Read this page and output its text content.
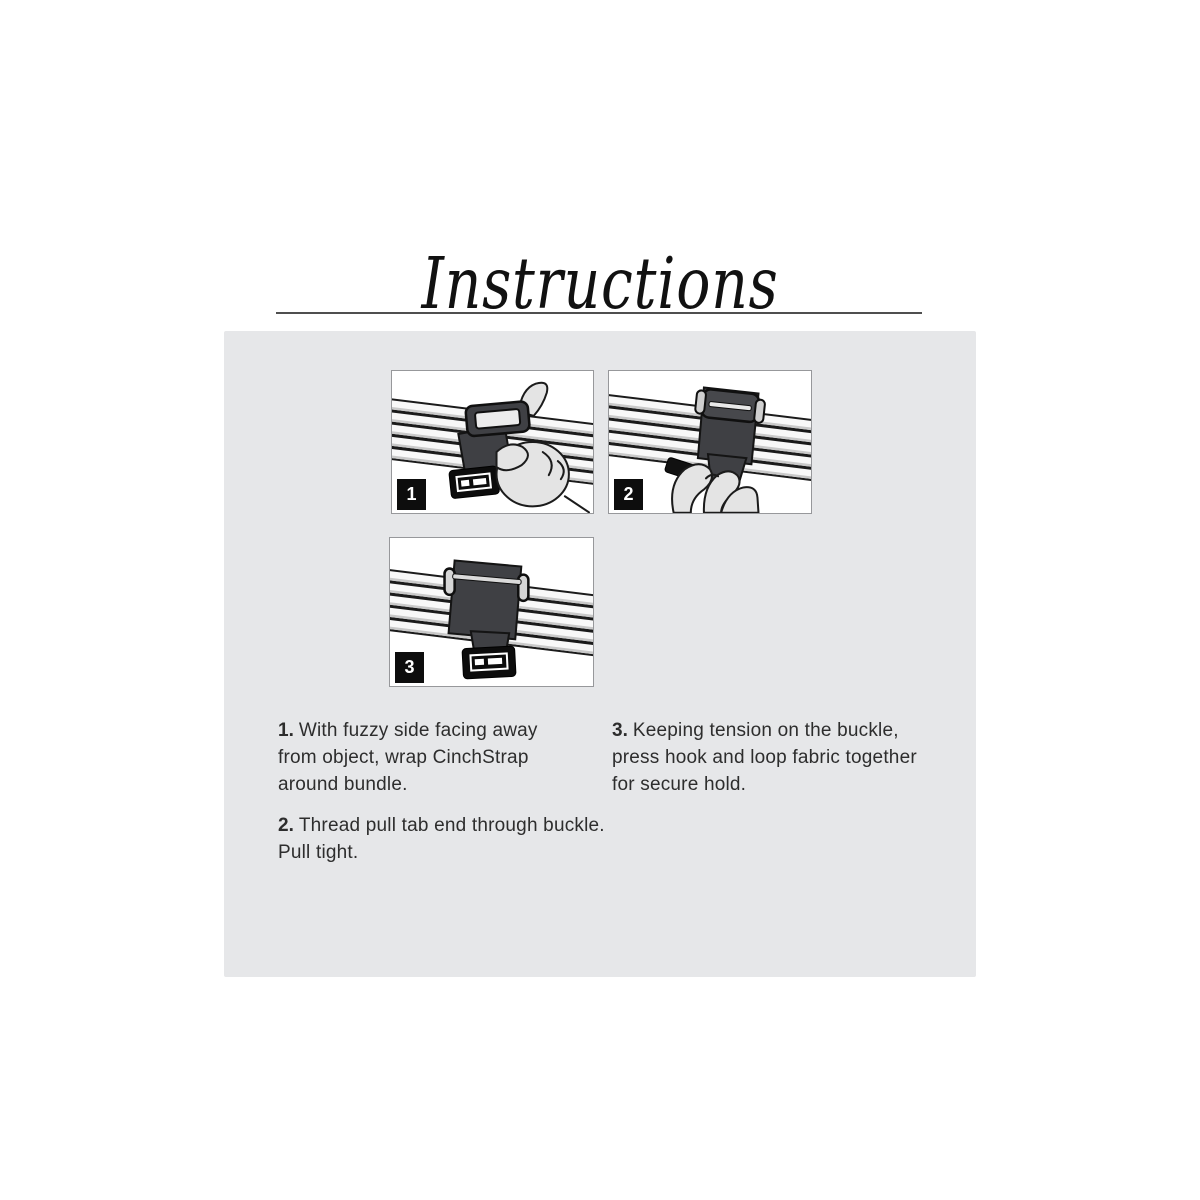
Instructions
1	2
3

1. With fuzzy side facing away

from object, wrap CinchStrap

around bundle.

2. Thread pull tab end through buckle.

Pull tight.

3. Keeping tension on the buckle,

press hook and loop fabric together

for secure hold.
